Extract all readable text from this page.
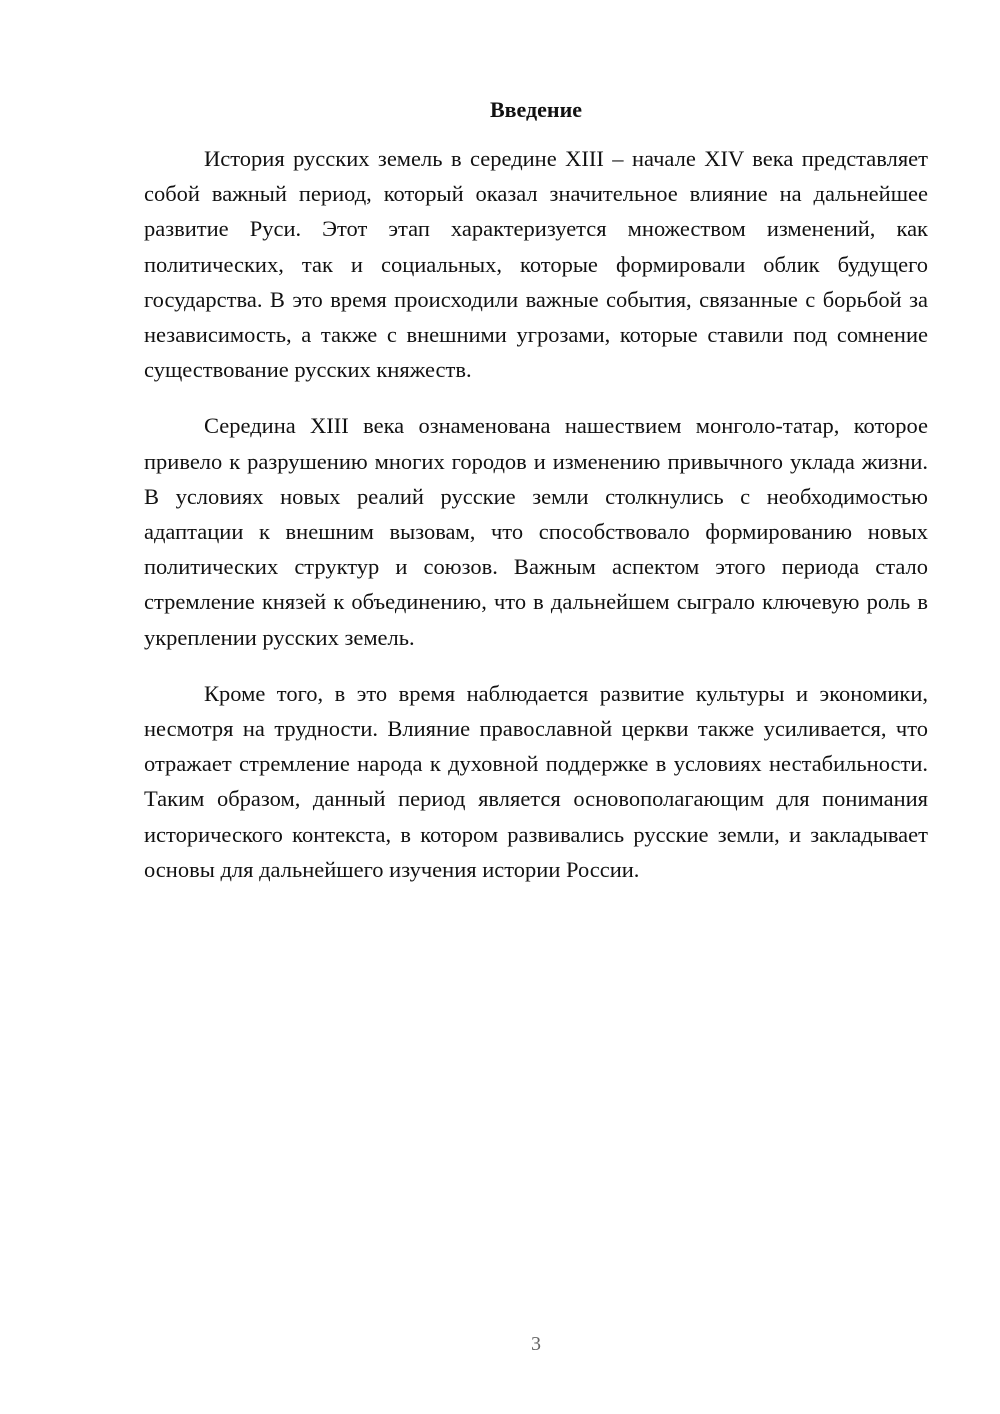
Введение

История русских земель в середине XIII – начале XIV века представляет собой важный период, который оказал значительное влияние на дальнейшее развитие Руси. Этот этап характеризуется множеством изменений, как политических, так и социальных, которые формировали облик будущего государства. В это время происходили важные события, связанные с борьбой за независимость, а также с внешними угрозами, которые ставили под сомнение существование русских княжеств.

Середина XIII века ознаменована нашествием монголо-татар, которое привело к разрушению многих городов и изменению привычного уклада жизни. В условиях новых реалий русские земли столкнулись с необходимостью адаптации к внешним вызовам, что способствовало формированию новых политических структур и союзов. Важным аспектом этого периода стало стремление князей к объединению, что в дальнейшем сыграло ключевую роль в укреплении русских земель.

Кроме того, в это время наблюдается развитие культуры и экономики, несмотря на трудности. Влияние православной церкви также усиливается, что отражает стремление народа к духовной поддержке в условиях нестабильности. Таким образом, данный период является основополагающим для понимания исторического контекста, в котором развивались русские земли, и закладывает основы для дальнейшего изучения истории России.

3
